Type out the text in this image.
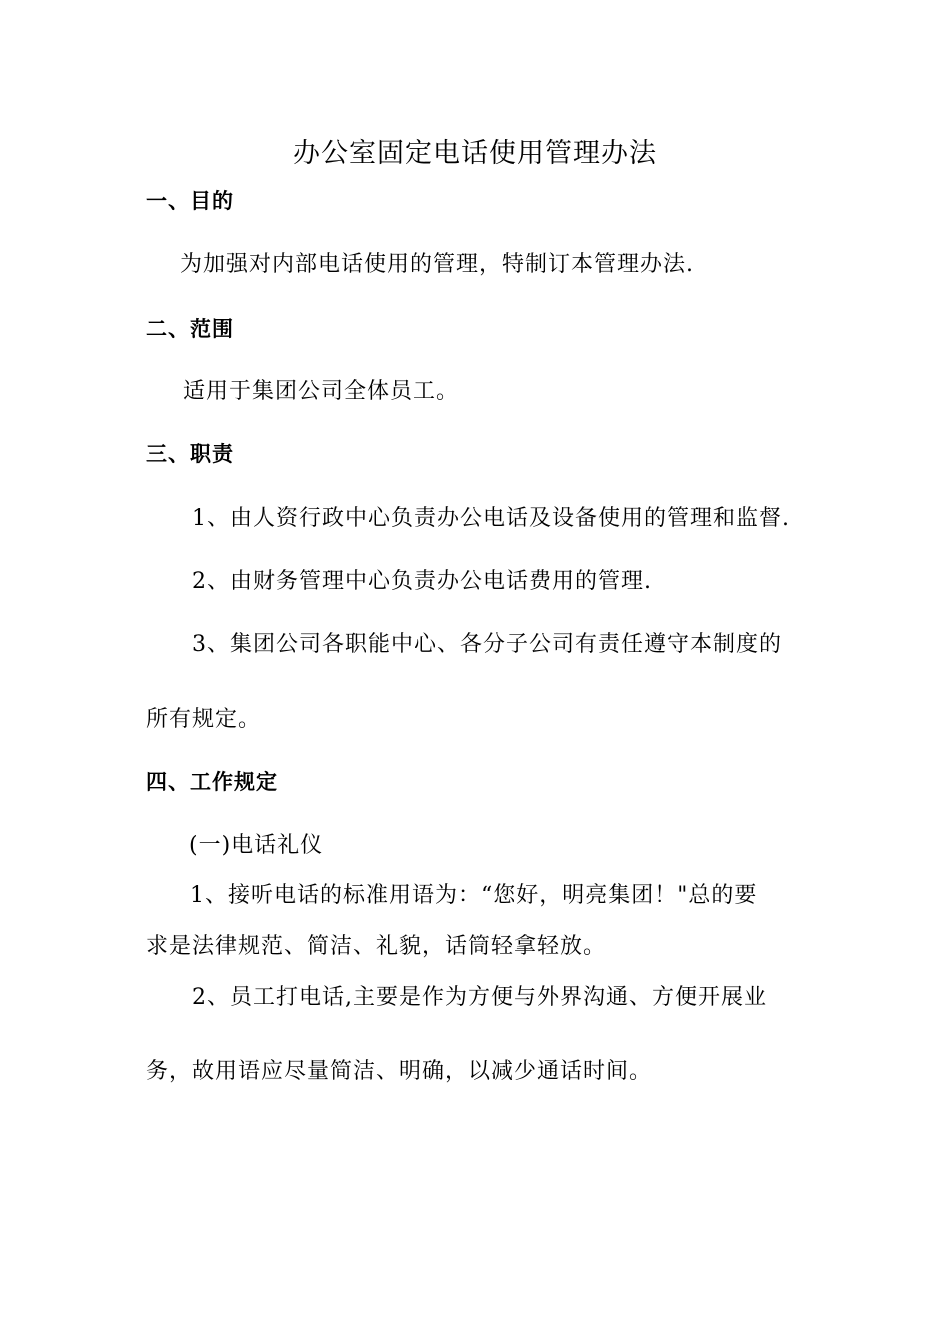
办公室固定电话使用管理办法
一、目的
为加强对内部电话使用的管理，特制订本管理办法.
二、范围
适用于集团公司全体员工。
三、职责
1、由人资行政中心负责办公电话及设备使用的管理和监督.
2、由财务管理中心负责办公电话费用的管理.
3、集团公司各职能中心、各分子公司有责任遵守本制度的
所有规定。
四、工作规定
(一)电话礼仪
1、接听电话的标准用语为：“您好，明亮集团！"总的要
求是法律规范、简洁、礼貌，话筒轻拿轻放。
2、员工打电话,主要是作为方便与外界沟通、方便开展业
务，故用语应尽量简洁、明确，以减少通话时间。
